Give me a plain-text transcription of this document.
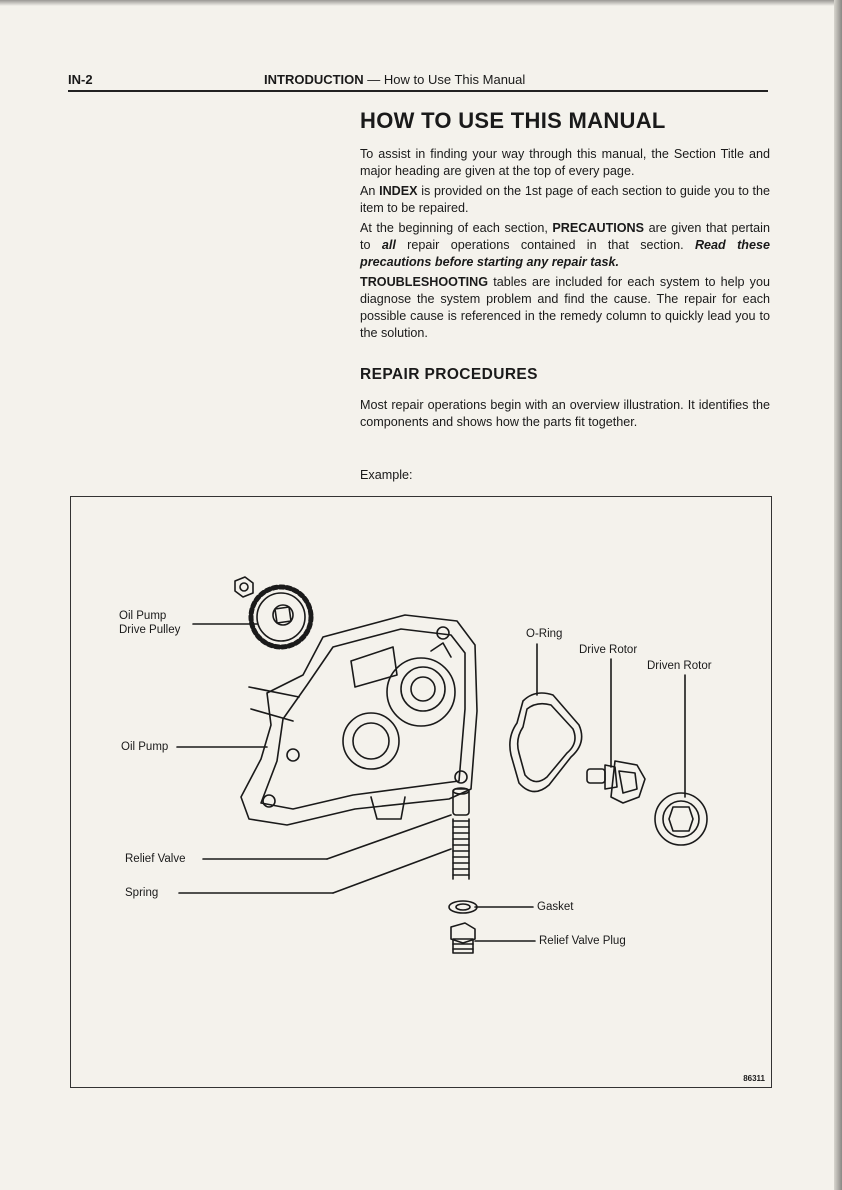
IN-2	INTRODUCTION — How to Use This Manual
HOW TO USE THIS MANUAL

To assist in finding your way through this manual, the Section Title and major heading are given at the top of every page.

An INDEX is provided on the 1st page of each section to guide you to the item to be repaired.

At the beginning of each section, PRECAUTIONS are given that pertain to all repair operations contained in that section. Read these precautions before starting any repair task.

TROUBLESHOOTING tables are included for each system to help you diagnose the system problem and find the cause. The repair for each possible cause is referenced in the remedy column to quickly lead you to the solution.

REPAIR PROCEDURES

Most repair operations begin with an overview illustration. It identifies the components and shows how the parts fit together.

Example:
Oil Pump
Drive Pulley
Oil Pump
Relief Valve
Spring
O-Ring
Drive Rotor
Driven Rotor
Gasket
Relief Valve Plug
86311
